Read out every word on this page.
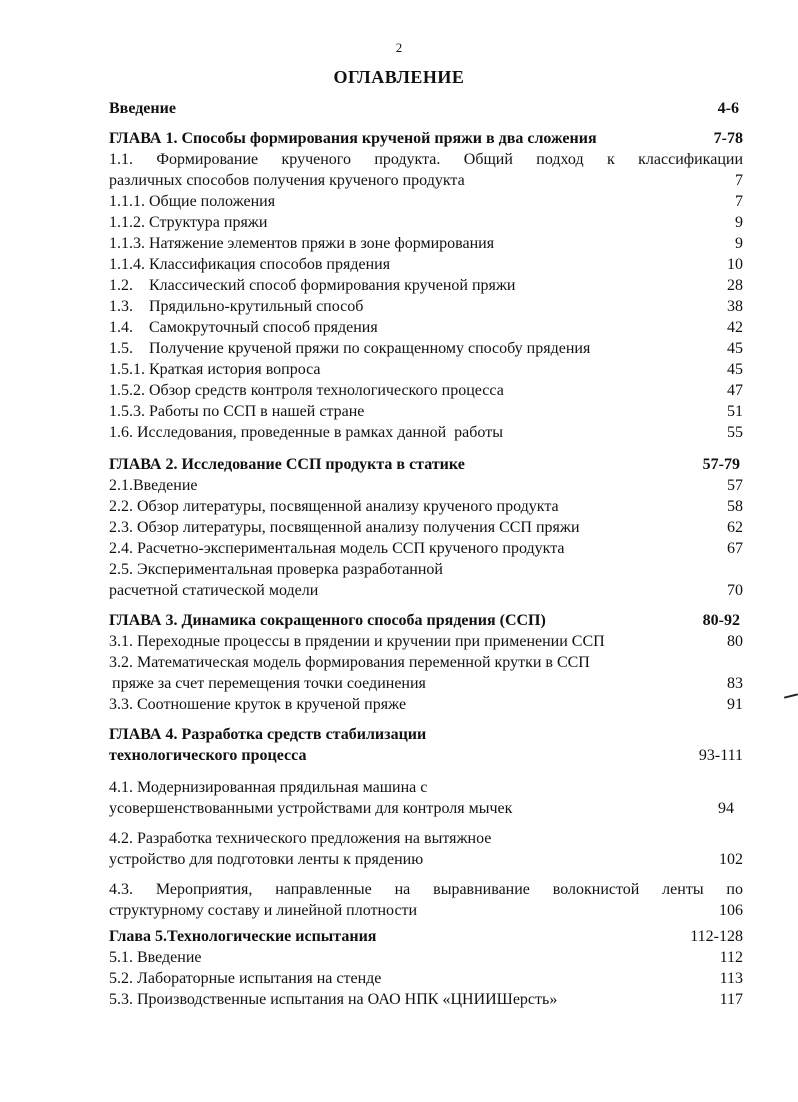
2
ОГЛАВЛЕНИЕ
Введение	4-6
ГЛАВА 1. Способы формирования крученой пряжи в два сложения	7-78
1.1. Формирование крученого продукта. Общий подход к классификации
различных способов получения крученого продукта	7
1.1.1. Общие положения	7
1.1.2. Структура пряжи	9
1.1.3. Натяжение элементов пряжи в зоне формирования	9
1.1.4. Классификация способов прядения	10
1.2.    Классический способ формирования крученой пряжи	28
1.3.    Прядильно-крутильный способ	38
1.4.    Самокруточный способ прядения	42
1.5.    Получение крученой пряжи по сокращенному способу прядения	45
1.5.1. Краткая история вопроса	45
1.5.2. Обзор средств контроля технологического процесса	47
1.5.3. Работы по ССП в нашей стране	51
1.6. Исследования, проведенные в рамках данной  работы	55
ГЛАВА 2. Исследование ССП продукта в статике	57-79
2.1.Введение	57
2.2. Обзор литературы, посвященной анализу крученого продукта	58
2.3. Обзор литературы, посвященной анализу получения ССП пряжи	62
2.4. Расчетно-экспериментальная модель ССП крученого продукта	67
2.5. Экспериментальная проверка разработанной
расчетной статической модели	70
ГЛАВА 3. Динамика сокращенного способа прядения (ССП)	80-92
3.1. Переходные процессы в прядении и кручении при применении ССП	80
3.2. Математическая модель формирования переменной крутки в ССП
пряже за счет перемещения точки соединения	83
3.3. Соотношение круток в крученой пряже	91
ГЛАВА 4. Разработка средств стабилизации
технологического процесса	93-111
4.1. Модернизированная прядильная машина с
усовершенствованными устройствами для контроля мычек	94
4.2. Разработка технического предложения на вытяжное
устройство для подготовки ленты к прядению	102
4.3. Мероприятия, направленные на выравнивание волокнистой ленты по
структурному составу и линейной плотности	106
Глава 5.Технологические испытания	112-128
5.1. Введение	112
5.2. Лабораторные испытания на стенде	113
5.3. Производственные испытания на ОАО НПК «ЦНИИШерсть»	117
